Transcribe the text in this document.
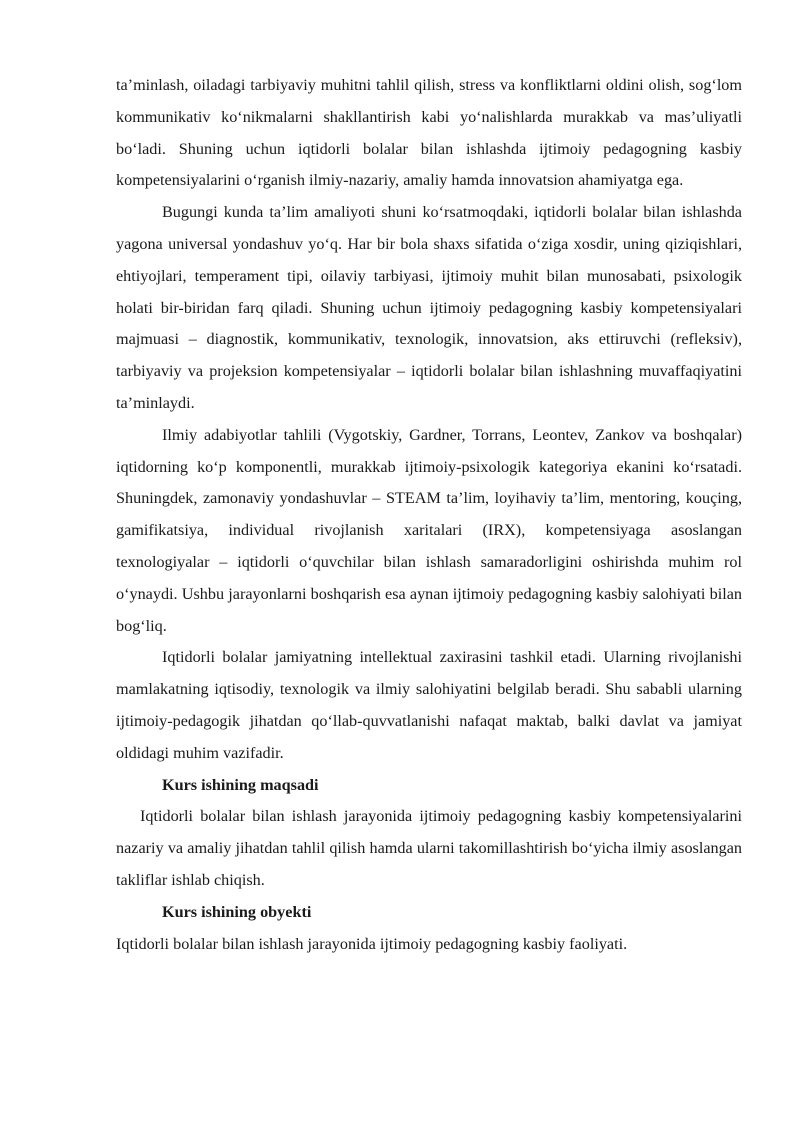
ta’minlash, oiladagi tarbiyaviy muhitni tahlil qilish, stress va konfliktlarni oldini olish, sog‘lom kommunikativ ko‘nikmalarni shakllantirish kabi yo‘nalishlarda murakkab va mas’uliyatli bo‘ladi. Shuning uchun iqtidorli bolalar bilan ishlashda ijtimoiy pedagogning kasbiy kompetensiyalarini o‘rganish ilmiy-nazariy, amaliy hamda innovatsion ahamiyatga ega.

Bugungi kunda ta’lim amaliyoti shuni ko‘rsatmoqdaki, iqtidorli bolalar bilan ishlashda yagona universal yondashuv yo‘q. Har bir bola shaxs sifatida o‘ziga xosdir, uning qiziqishlari, ehtiyojlari, temperament tipi, oilaviy tarbiyasi, ijtimoiy muhit bilan munosabati, psixologik holati bir-biridan farq qiladi. Shuning uchun ijtimoiy pedagogning kasbiy kompetensiyalari majmuasi – diagnostik, kommunikativ, texnologik, innovatsion, aks ettiruvchi (refleksiv), tarbiyaviy va projeksion kompetensiyalar – iqtidorli bolalar bilan ishlashning muvaffaqiyatini ta’minlaydi.

Ilmiy adabiyotlar tahlili (Vygotskiy, Gardner, Torrans, Leontev, Zankov va boshqalar) iqtidorning ko‘p komponentli, murakkab ijtimoiy-psixologik kategoriya ekanini ko‘rsatadi. Shuningdek, zamonaviy yondashuvlar – STEAM ta’lim, loyihaviy ta’lim, mentoring, kouçing, gamifikatsiya, individual rivojlanish xaritalari (IRX), kompetensiyaga asoslangan texnologiyalar – iqtidorli o‘quvchilar bilan ishlash samaradorligini oshirishda muhim rol o‘ynaydi. Ushbu jarayonlarni boshqarish esa aynan ijtimoiy pedagogning kasbiy salohiyati bilan bog‘liq.

Iqtidorli bolalar jamiyatning intellektual zaxirasini tashkil etadi. Ularning rivojlanishi mamlakatning iqtisodiy, texnologik va ilmiy salohiyatini belgilab beradi. Shu sababli ularning ijtimoiy-pedagogik jihatdan qo‘llab-quvvatlanishi nafaqat maktab, balki davlat va jamiyat oldidagi muhim vazifadir.

Kurs ishining maqsadi

Iqtidorli bolalar bilan ishlash jarayonida ijtimoiy pedagogning kasbiy kompetensiyalarini nazariy va amaliy jihatdan tahlil qilish hamda ularni takomillashtirish bo‘yicha ilmiy asoslangan takliflar ishlab chiqish.

Kurs ishining obyekti

Iqtidorli bolalar bilan ishlash jarayonida ijtimoiy pedagogning kasbiy faoliyati.
